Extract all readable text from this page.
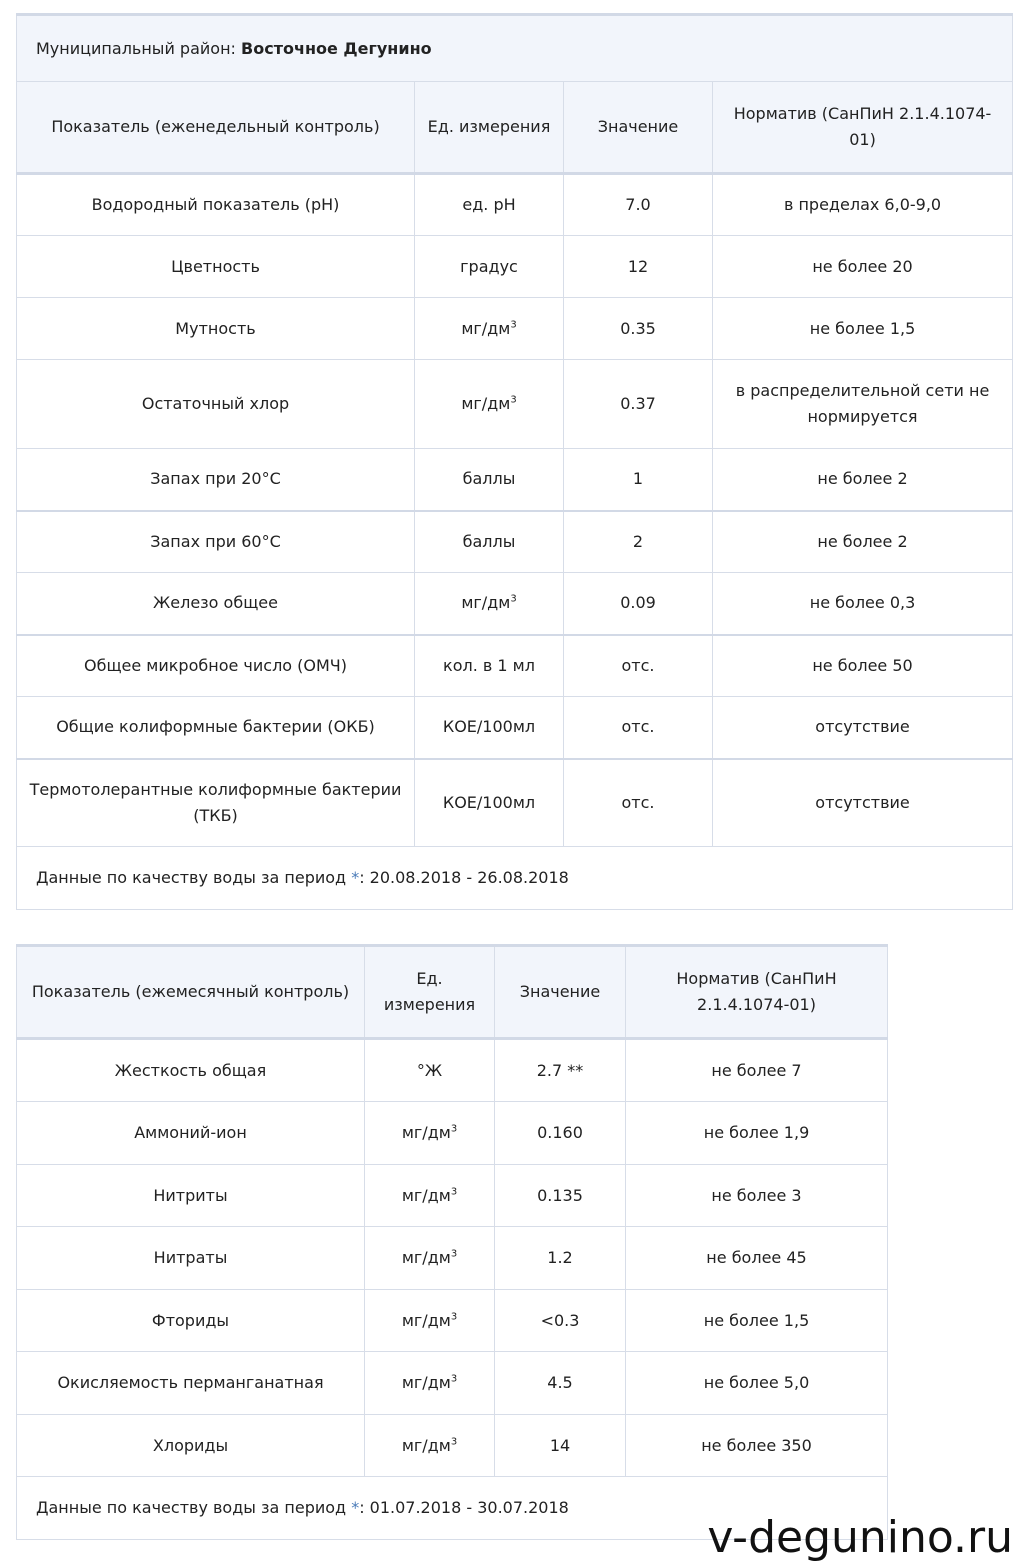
Муниципальный район: Восточное Дегунино			
Показатель (еженедельный контроль)	Ед. измерения	Значение	Норматив (СанПиН 2.1.4.1074-01)
Водородный показатель (pH)	ед. pH	7.0	в пределах 6,0-9,0
Цветность	градус	12	не более 20
Мутность	$мг/дм^3$	0.35	не более 1,5
Остаточный хлор	$мг/дм^3$	0.37	в распределительной сети не нормируется
Запах при 20°С	баллы	1	не более 2
Запах при 60°С	баллы	2	не более 2
Железо общее	$мг/дм^3$	0.09	не более 0,3
Общее микробное число (ОМЧ)	кол. в 1 мл	отс.	не более 50
Общие колиформные бактерии (ОКБ)	КОЕ/100мл	отс.	отсутствие
Термотолерантные колиформные бактерии (ТКБ)	КОЕ/100мл	отс.	отсутствие
Данные по качеству воды за период *: 20.08.2018 - 26.08.2018			
Показатель (ежемесячный контроль)	Ед. измерения	Значение	Норматив (СанПиН 2.1.4.1074-01)
Жесткость общая	°Ж	2.7 **	не более 7
Аммоний-ион	$мг/дм^3$	0.160	не более 1,9
Нитриты	$мг/дм^3$	0.135	не более 3
Нитраты	$мг/дм^3$	1.2	не более 45
Фториды	$мг/дм^3$	<0.3	не более 1,5
Окисляемость перманганатная	$мг/дм^3$	4.5	не более 5,0
Хлориды	$мг/дм^3$	14	не более 350
Данные по качеству воды за период *: 01.07.2018 - 30.07.2018			
v-degunino.ru
